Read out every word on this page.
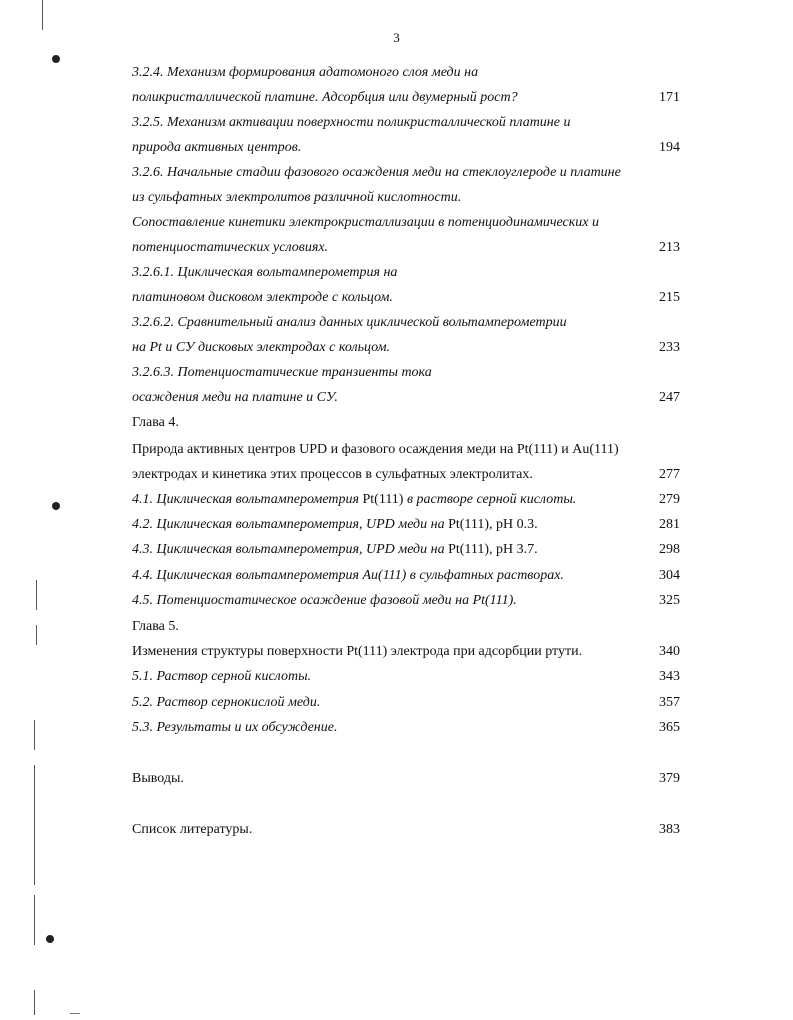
3
3.2.4. Механизм формирования адатомоного слоя меди на
поликристаллической платине. Адсорбция или двумерный рост?	171
3.2.5. Механизм активации поверхности поликристаллической платине и
природа активных центров.	194
3.2.6. Начальные стадии фазового осаждения меди на стеклоуглероде и платине
из сульфатных электролитов различной кислотности.
Сопоставление кинетики электрокристаллизации в потенциодинамических и
потенциостатических условиях.	213
3.2.6.1. Циклическая вольтамперометрия на
платиновом дисковом электроде с кольцом.	215
3.2.6.2. Сравнительный анализ данных циклической вольтамперометрии
на Pt и СУ дисковых электродах с кольцом.	233
3.2.6.3. Потенциостатические транзиенты тока
осаждения меди на платине и СУ.	247
Глава 4.
Природа активных центров UPD и фазового осаждения меди на Pt(111) и Au(111)
электродах и кинетика этих процессов в сульфатных электролитах.	277
4.1. Циклическая вольтамперометрия Pt(111) в растворе серной кислоты.	279
4.2. Циклическая вольтамперометрия, UPD меди на Pt(111), pH 0.3.	281
4.3. Циклическая вольтамперометрия, UPD меди на Pt(111), pH 3.7.	298
4.4. Циклическая вольтамперометрия Au(111) в сульфатных растворах.	304
4.5. Потенциостатическое осаждение фазовой меди на Pt(111).	325
Глава 5.
Изменения структуры поверхности Pt(111) электрода при адсорбции ртути.	340
5.1. Раствор серной кислоты.	343
5.2. Раствор сернокислой меди.	357
5.3. Результаты и их обсуждение.	365
Выводы.	379
Список литературы.	383
